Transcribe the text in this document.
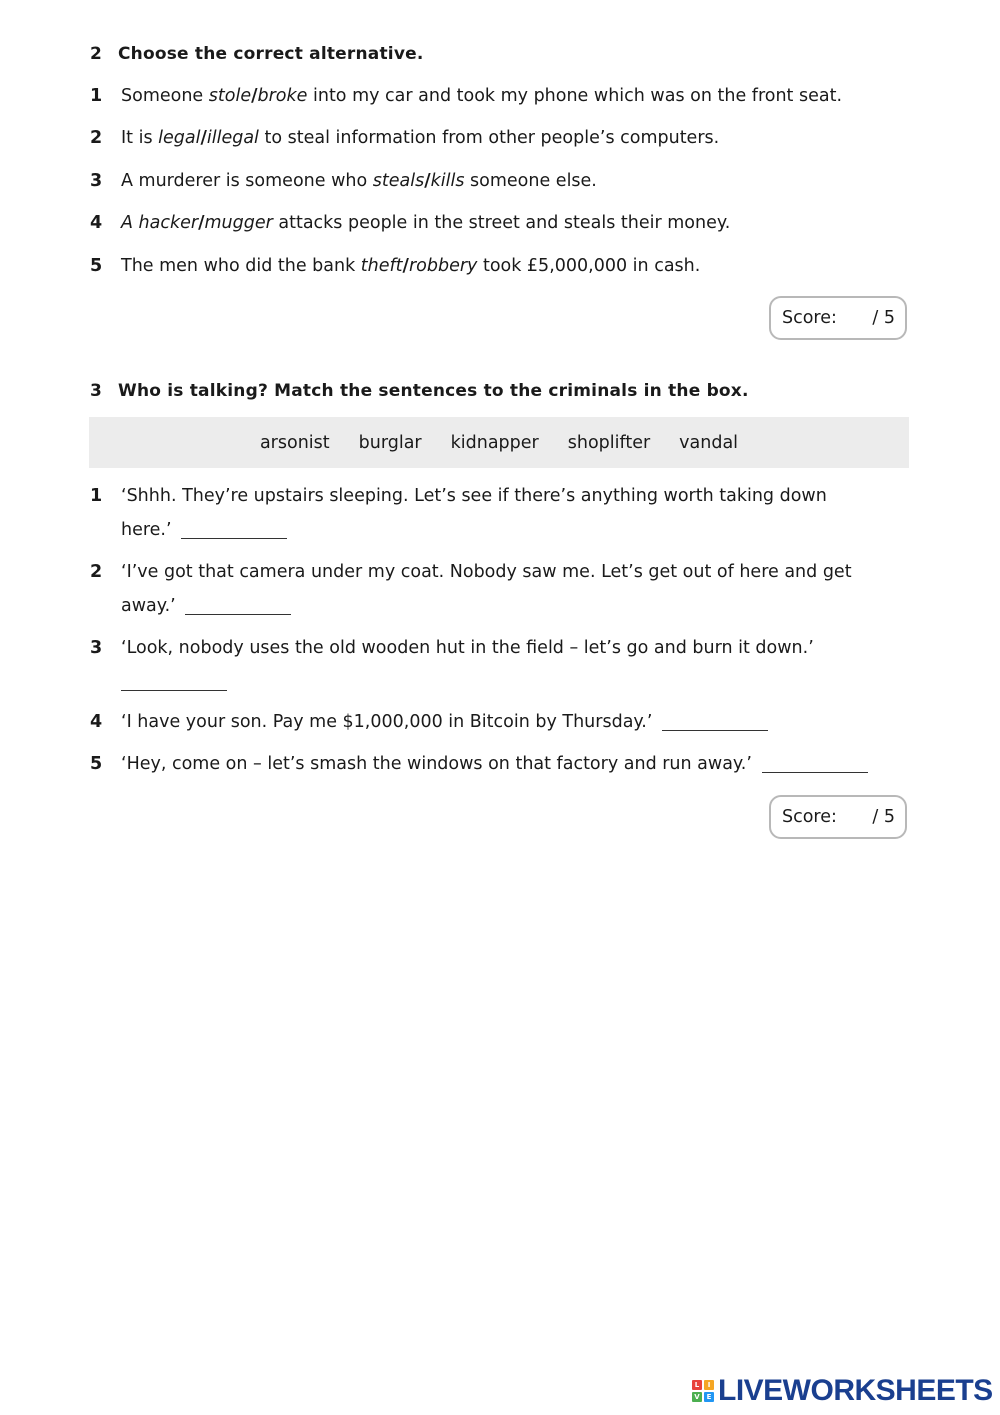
2 Choose the correct alternative.
1 Someone stole/broke into my car and took my phone which was on the front seat.
2 It is legal/illegal to steal information from other people’s computers.
3 A murderer is someone who steals/kills someone else.
4 A hacker/mugger attacks people in the street and steals their money.
5 The men who did the bank theft/robbery took £5,000,000 in cash.
Score: / 5
3 Who is talking? Match the sentences to the criminals in the box.
arsonist burglar kidnapper shoplifter vandal
1 ‘Shhh. They’re upstairs sleeping. Let’s see if there’s anything worth taking down
here.’
2 ‘I’ve got that camera under my coat. Nobody saw me. Let’s get out of here and get
away.’
3 ‘Look, nobody uses the old wooden hut in the field – let’s go and burn it down.’

4 ‘I have your son. Pay me $1,000,000 in Bitcoin by Thursday.’
5 ‘Hey, come on – let’s smash the windows on that factory and run away.’
Score: / 5
L	I
V E LIVEWORKSHEETS
